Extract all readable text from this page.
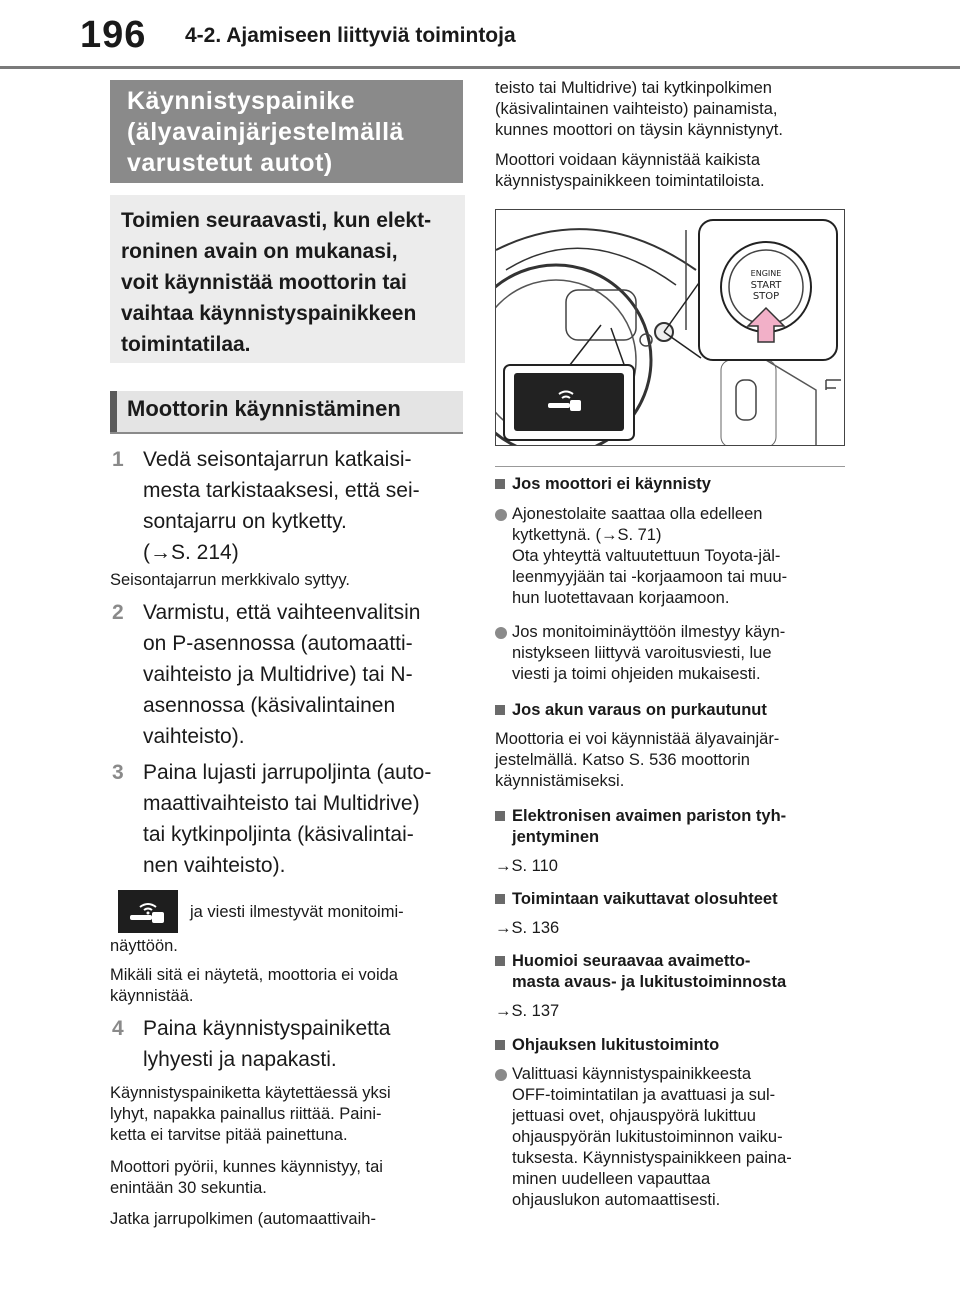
196 4-2. Ajamiseen liittyviä toimintoja
Käynnistyspainike
(älyavainjärjestelmällä
varustetut autot)
Toimien seuraavasti, kun elekt-
roninen avain on mukanasi,
voit käynnistää moottorin tai
vaihtaa käynnistyspainikkeen
toimintatilaa.
Moottorin käynnistäminen
1 Vedä seisontajarrun katkaisi-
mesta tarkistaaksesi, että sei-
sontajarru on kytketty.
(→S. 214)
Seisontajarrun merkkivalo syttyy.
2 Varmistu, että vaihteenvalitsin
on P-asennossa (automaatti-
vaihteisto ja Multidrive) tai N-
asennossa (käsivalintainen
vaihteisto).
3 Paina lujasti jarrupoljinta (auto-
maattivaihteisto tai Multidrive)
tai kytkinpoljinta (käsivalintai-
nen vaihteisto).
ja viesti ilmestyvät monitoimi-
näyttöön.
Mikäli sitä ei näytetä, moottoria ei voida
käynnistää.
4 Paina käynnistyspainiketta
lyhyesti ja napakasti.
Käynnistyspainiketta käytettäessä yksi
lyhyt, napakka painallus riittää. Paini-
ketta ei tarvitse pitää painettuna.
Moottori pyörii, kunnes käynnistyy, tai
enintään 30 sekuntia.
Jatka jarrupolkimen (automaattivaih-
teisto tai Multidrive) tai kytkinpolkimen
(käsivalintainen vaihteisto) painamista,
kunnes moottori on täysin käynnistynyt.
Moottori voidaan käynnistää kaikista
käynnistyspainikkeen toimintatiloista.
ENGINE
START
STOP
Jos moottori ei käynnisty
Ajonestolaite saattaa olla edelleen
kytkettynä. (→S. 71)
Ota yhteyttä valtuutettuun Toyota-jäl-
leenmyyjään tai -korjaamoon tai muu-
hun luotettavaan korjaamoon.
Jos monitoiminäyttöön ilmestyy käyn-
nistykseen liittyvä varoitusviesti, lue
viesti ja toimi ohjeiden mukaisesti.
Jos akun varaus on purkautunut
Moottoria ei voi käynnistää älyavainjär-
jestelmällä. Katso S. 536 moottorin
käynnistämiseksi.
Elektronisen avaimen pariston tyh-
jentyminen
→S. 110
Toimintaan vaikuttavat olosuhteet
→S. 136
Huomioi seuraavaa avaimetto-
masta avaus- ja lukitustoiminnosta
→S. 137
Ohjauksen lukitustoiminto
Valittuasi käynnistyspainikkeesta
OFF-toimintatilan ja avattuasi ja sul-
jettuasi ovet, ohjauspyörä lukittuu
ohjauspyörän lukitustoiminnon vaiku-
tuksesta. Käynnistyspainikkeen paina-
minen uudelleen vapauttaa
ohjauslukon automaattisesti.
